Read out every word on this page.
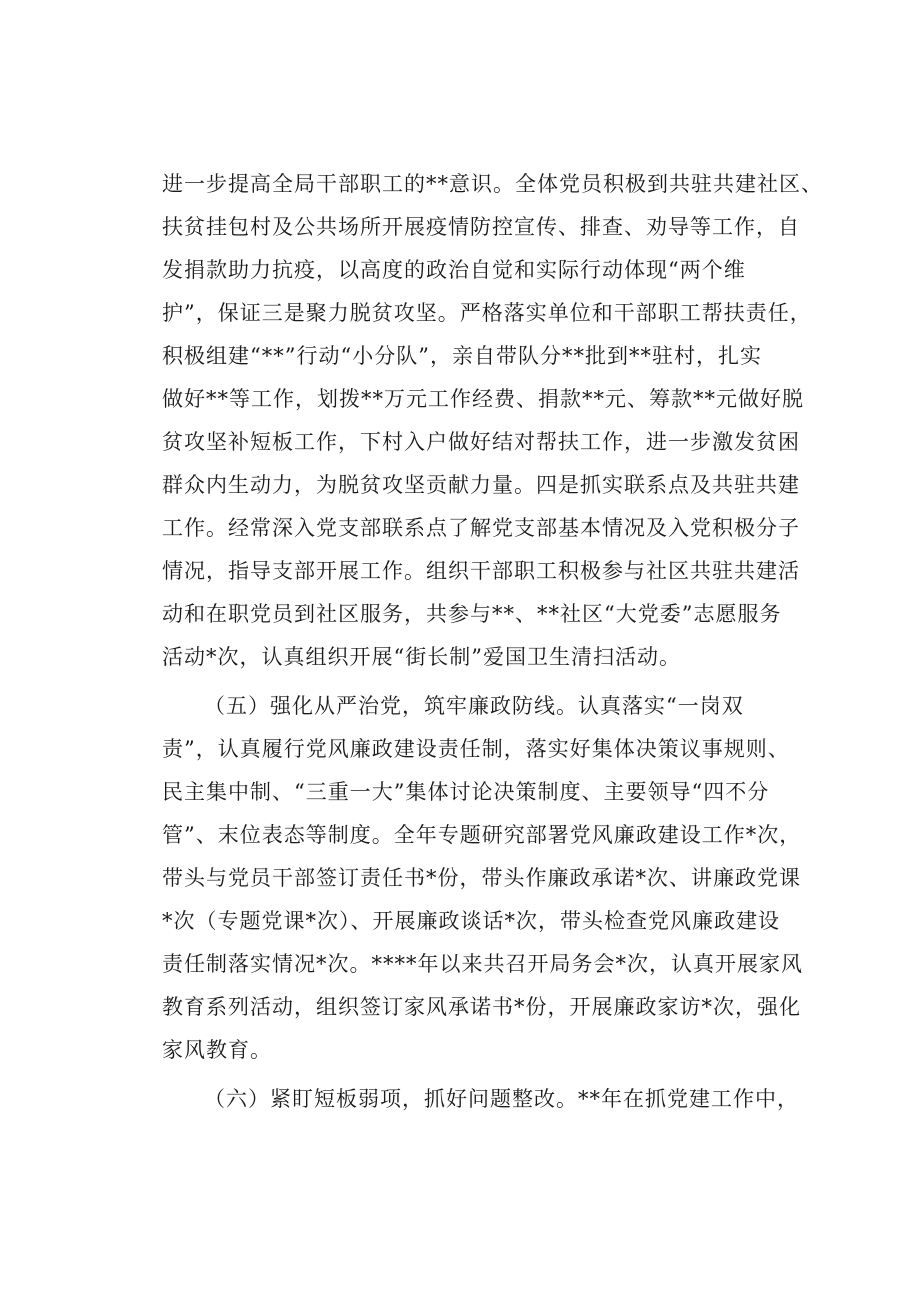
进一步提高全局干部职工的**意识。全体党员积极到共驻共建社区、
扶贫挂包村及公共场所开展疫情防控宣传、排查、劝导等工作，自
发捐款助力抗疫，以高度的政治自觉和实际行动体现“两个维
护”，保证三是聚力脱贫攻坚。严格落实单位和干部职工帮扶责任，
积极组建“**”行动“小分队”，亲自带队分**批到**驻村，扎实
做好**等工作，划拨**万元工作经费、捐款**元、筹款**元做好脱
贫攻坚补短板工作，下村入户做好结对帮扶工作，进一步激发贫困
群众内生动力，为脱贫攻坚贡献力量。四是抓实联系点及共驻共建
工作。经常深入党支部联系点了解党支部基本情况及入党积极分子
情况，指导支部开展工作。组织干部职工积极参与社区共驻共建活
动和在职党员到社区服务，共参与**、**社区“大党委”志愿服务
活动*次，认真组织开展“街长制”爱国卫生清扫活动。
（五）强化从严治党，筑牢廉政防线。认真落实“一岗双
责”，认真履行党风廉政建设责任制，落实好集体决策议事规则、
民主集中制、“三重一大”集体讨论决策制度、主要领导“四不分
管”、末位表态等制度。全年专题研究部署党风廉政建设工作*次，
带头与党员干部签订责任书*份，带头作廉政承诺*次、讲廉政党课
*次（专题党课*次）、开展廉政谈话*次，带头检查党风廉政建设
责任制落实情况*次。****年以来共召开局务会*次，认真开展家风
教育系列活动，组织签订家风承诺书*份，开展廉政家访*次，强化
家风教育。
（六）紧盯短板弱项，抓好问题整改。**年在抓党建工作中，
